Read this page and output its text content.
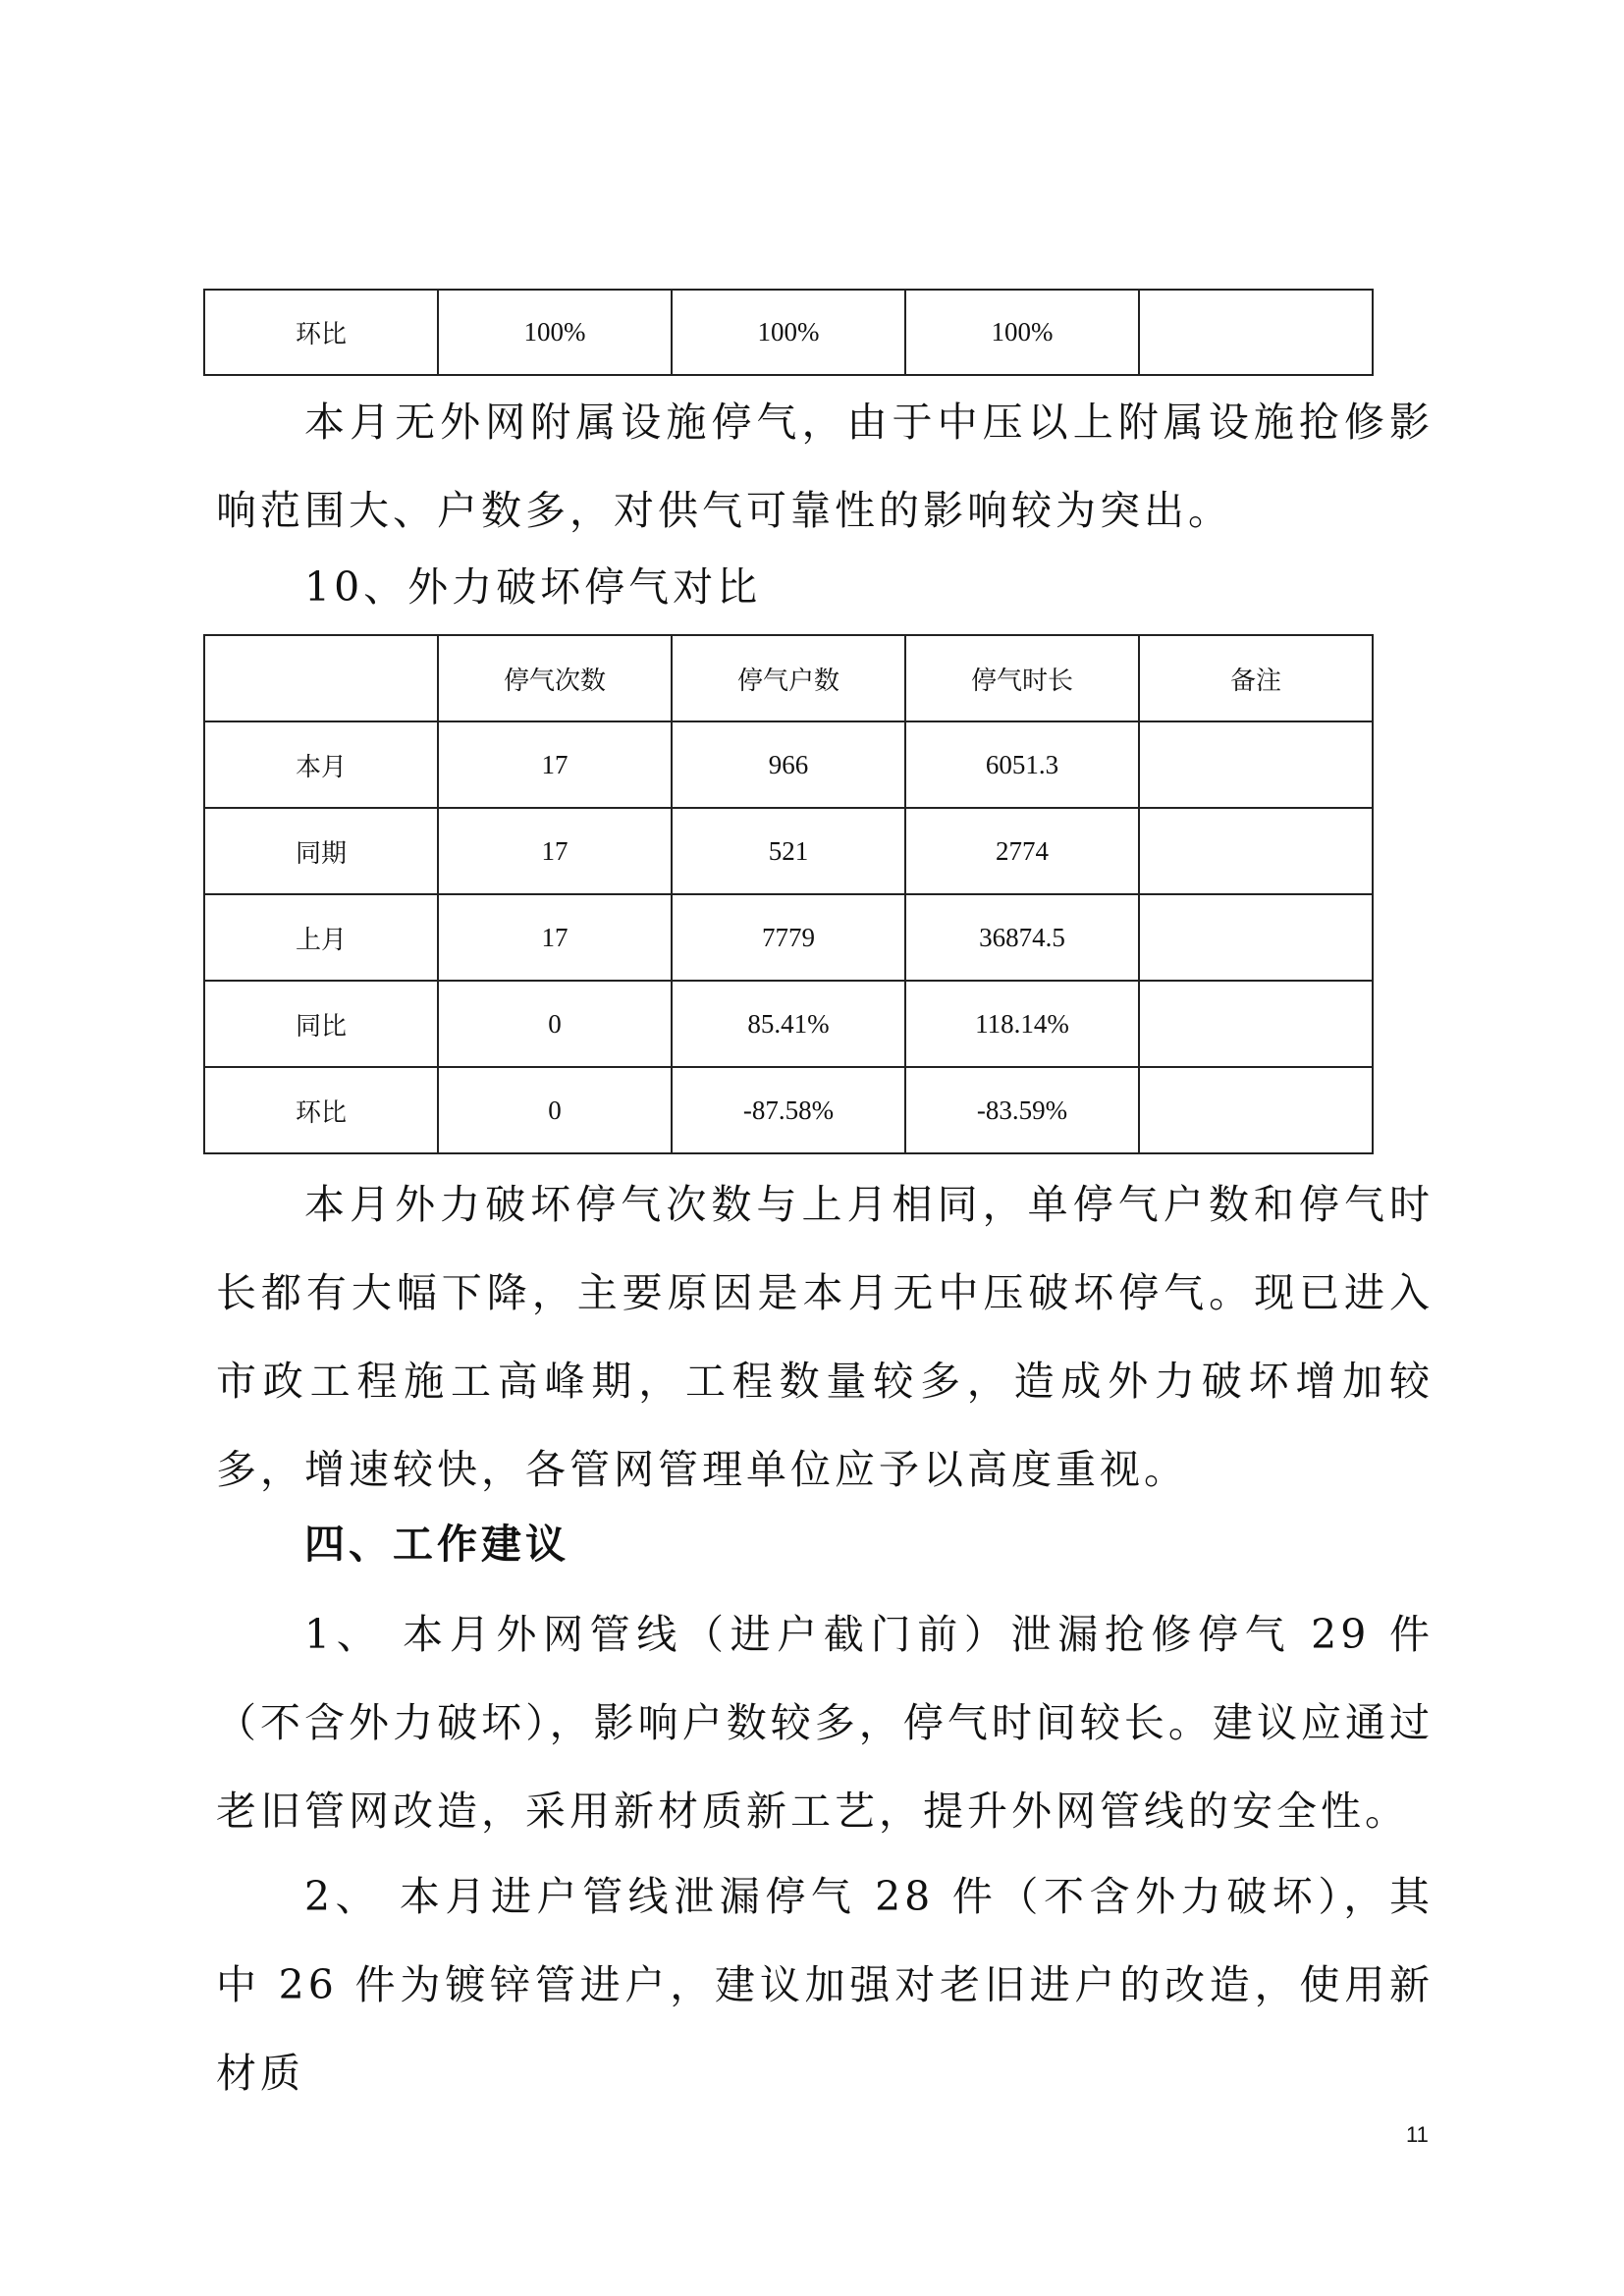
环比	100%	100%	100%	
本月无外网附属设施停气，由于中压以上附属设施抢修影响范围大、户数多，对供气可靠性的影响较为突出。
10、外力破坏停气对比
	停气次数	停气户数	停气时长	备注
本月	17	966	6051.3	
同期	17	521	2774	
上月	17	7779	36874.5	
同比	0	85.41%	118.14%	
环比	0	-87.58%	-83.59%	
本月外力破坏停气次数与上月相同，单停气户数和停气时长都有大幅下降，主要原因是本月无中压破坏停气。现已进入市政工程施工高峰期，工程数量较多，造成外力破坏增加较多，增速较快，各管网管理单位应予以高度重视。
四、工作建议
1、 本月外网管线（进户截门前）泄漏抢修停气 29 件（不含外力破坏），影响户数较多，停气时间较长。建议应通过老旧管网改造，采用新材质新工艺，提升外网管线的安全性。
2、 本月进户管线泄漏停气 28 件（不含外力破坏），其中 26 件为镀锌管进户，建议加强对老旧进户的改造，使用新材质
11
